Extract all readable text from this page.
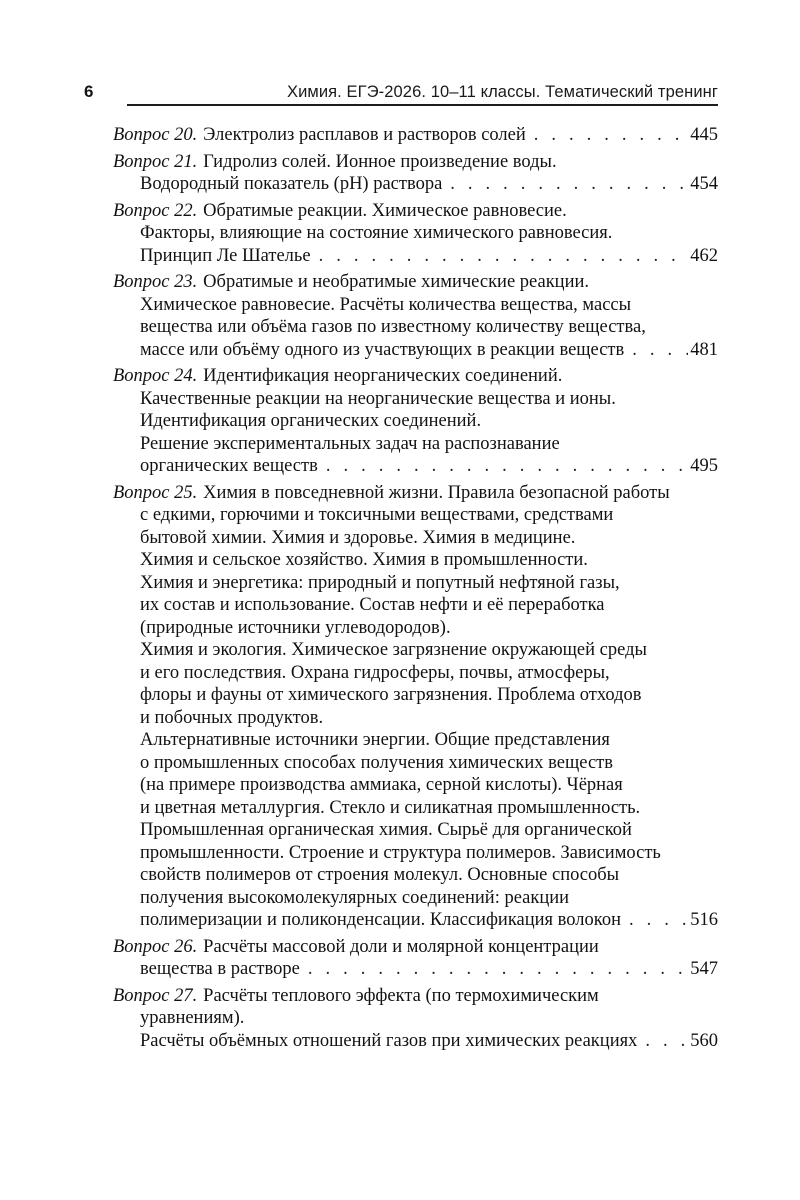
6	Химия. ЕГЭ-2026. 10–11 классы. Тематический тренинг
Вопрос 20. Электролиз расплавов и растворов солей .....	445
Вопрос 21. Гидролиз солей. Ионное произведение воды.
Водородный показатель (pH) раствора .....	454
Вопрос 22. Обратимые реакции. Химическое равновесие.
Факторы, влияющие на состояние химического равновесия.
Принцип Ле Шателье .....	462
Вопрос 23. Обратимые и необратимые химические реакции.
Химическое равновесие. Расчёты количества вещества, массы
вещества или объёма газов по известному количеству вещества,
массе или объёму одного из участвующих в реакции веществ .....	481
Вопрос 24. Идентификация неорганических соединений.
Качественные реакции на неорганические вещества и ионы.
Идентификация органических соединений.
Решение экспериментальных задач на распознавание
органических веществ .....	495
Вопрос 25. Химия в повседневной жизни. Правила безопасной работы
с едкими, горючими и токсичными веществами, средствами
бытовой химии. Химия и здоровье. Химия в медицине.
Химия и сельское хозяйство. Химия в промышленности.
Химия и энергетика: природный и попутный нефтяной газы,
их состав и использование. Состав нефти и её переработка
(природные источники углеводородов).
Химия и экология. Химическое загрязнение окружающей среды
и его последствия. Охрана гидросферы, почвы, атмосферы,
флоры и фауны от химического загрязнения. Проблема отходов
и побочных продуктов.
Альтернативные источники энергии. Общие представления
о промышленных способах получения химических веществ
(на примере производства аммиака, серной кислоты). Чёрная
и цветная металлургия. Стекло и силикатная промышленность.
Промышленная органическая химия. Сырьё для органической
промышленности. Строение и структура полимеров. Зависимость
свойств полимеров от строения молекул. Основные способы
получения высокомолекулярных соединений: реакции
полимеризации и поликонденсации. Классификация волокон .....	516
Вопрос 26. Расчёты массовой доли и молярной концентрации
вещества в растворе .....	547
Вопрос 27. Расчёты теплового эффекта (по термохимическим
уравнениям).
Расчёты объёмных отношений газов при химических реакциях .....	560
